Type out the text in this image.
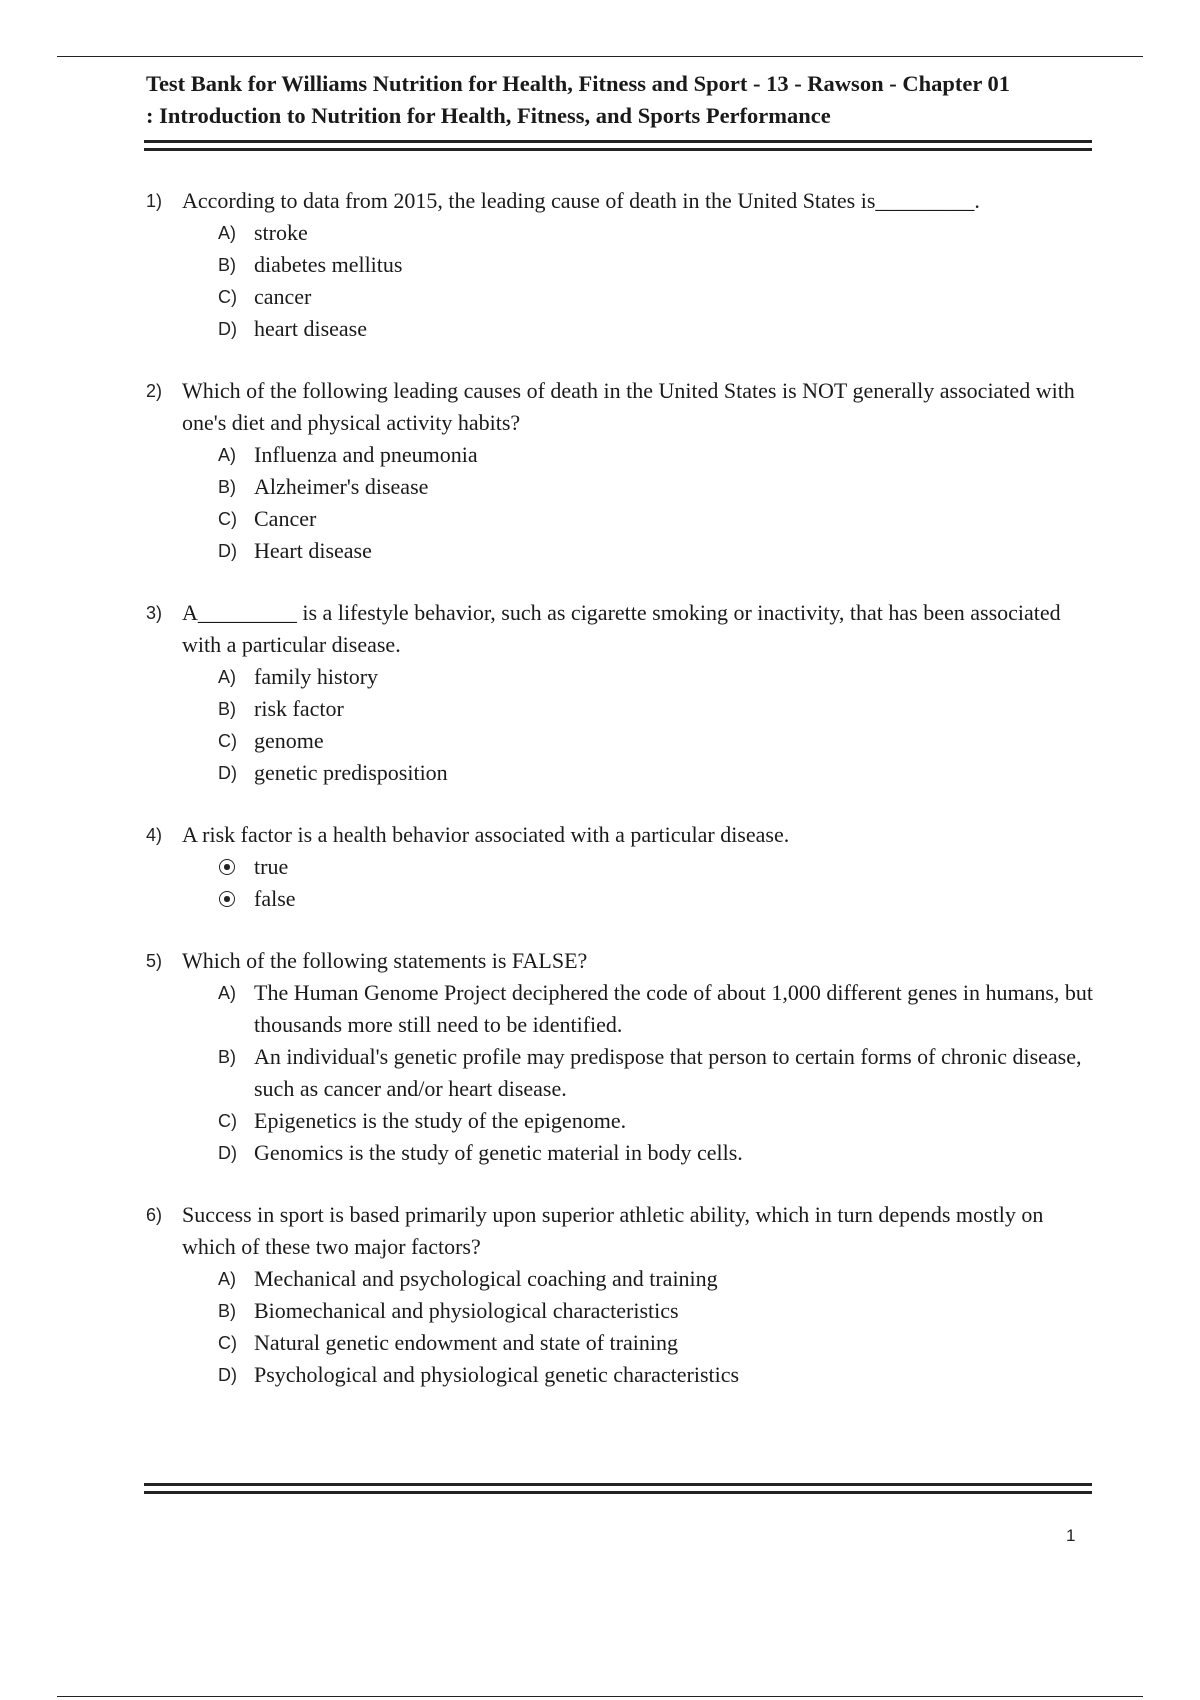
Test Bank for Williams Nutrition for Health, Fitness and Sport - 13 - Rawson - Chapter 01
: Introduction to Nutrition for Health, Fitness, and Sports Performance
1) According to data from 2015, the leading cause of death in the United States is_________.
A) stroke
B) diabetes mellitus
C) cancer
D) heart disease
2) Which of the following leading causes of death in the United States is NOT generally associated with one's diet and physical activity habits?
A) Influenza and pneumonia
B) Alzheimer's disease
C) Cancer
D) Heart disease
3) A_________ is a lifestyle behavior, such as cigarette smoking or inactivity, that has been associated with a particular disease.
A) family history
B) risk factor
C) genome
D) genetic predisposition
4) A risk factor is a health behavior associated with a particular disease.
true
false
5) Which of the following statements is FALSE?
A) The Human Genome Project deciphered the code of about 1,000 different genes in humans, but thousands more still need to be identified.
B) An individual's genetic profile may predispose that person to certain forms of chronic disease, such as cancer and/or heart disease.
C) Epigenetics is the study of the epigenome.
D) Genomics is the study of genetic material in body cells.
6) Success in sport is based primarily upon superior athletic ability, which in turn depends mostly on which of these two major factors?
A) Mechanical and psychological coaching and training
B) Biomechanical and physiological characteristics
C) Natural genetic endowment and state of training
D) Psychological and physiological genetic characteristics
1
